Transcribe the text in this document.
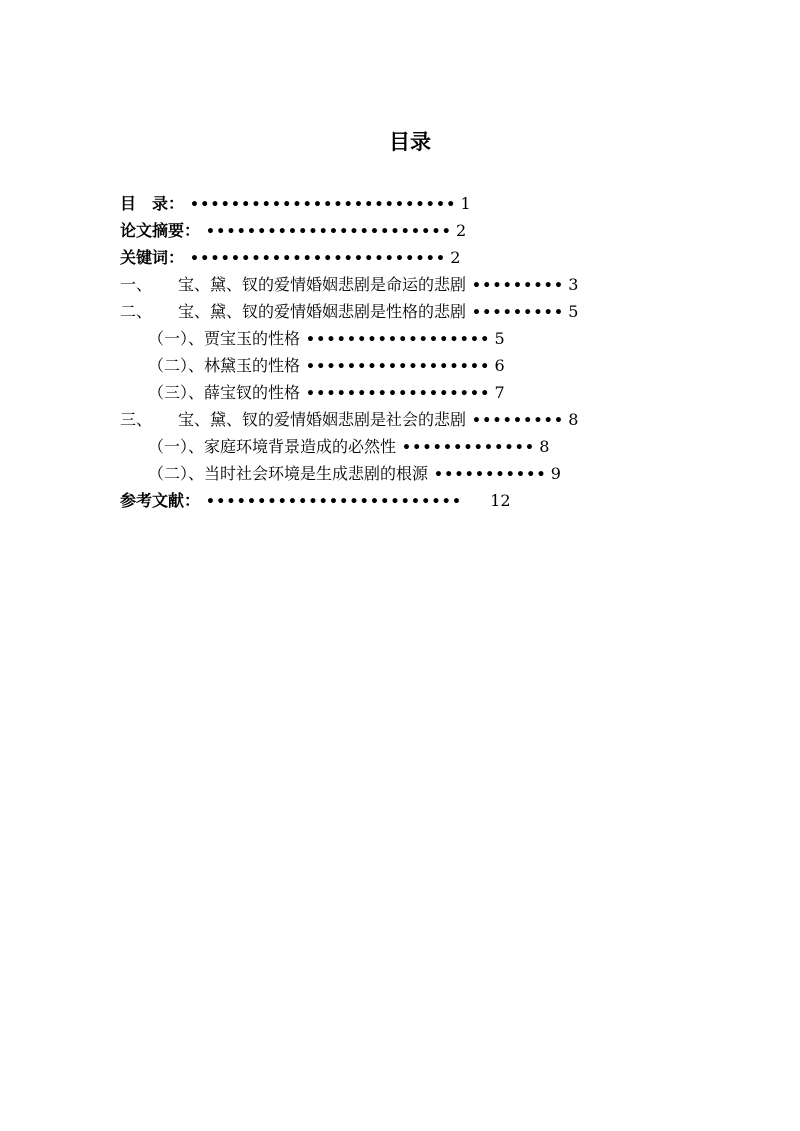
目录
目　录： •••••••••••••••••••••••••• 1
论文摘要： •••••••••••••••••••••••• 2
关键词： ••••••••••••••••••••••••• 2
一、	宝、黛、钗的爱情婚姻悲剧是命运的悲剧 ••••••••• 3
二、	宝、黛、钗的爱情婚姻悲剧是性格的悲剧 ••••••••• 5
（一）、贾宝玉的性格 •••••••••••••••••• 5
（二）、林黛玉的性格 •••••••••••••••••• 6
（三）、薛宝钗的性格 •••••••••••••••••• 7
三、	宝、黛、钗的爱情婚姻悲剧是社会的悲剧 ••••••••• 8
（一）、家庭环境背景造成的必然性 ••••••••••••• 8
（二）、当时社会环境是生成悲剧的根源 ••••••••••• 9
参考文献： ••••••••••••••••••••••••• 12
